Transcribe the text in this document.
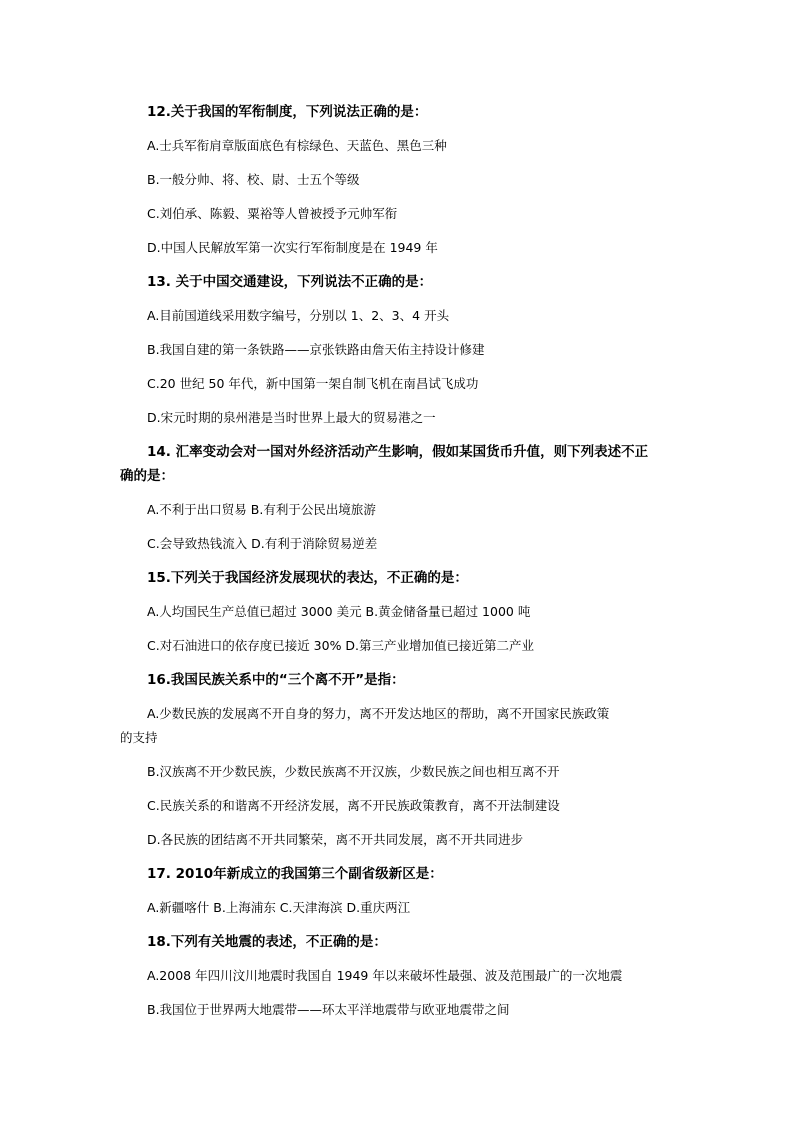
12.关于我国的军衔制度，下列说法正确的是：
A.士兵军衔肩章版面底色有棕绿色、天蓝色、黑色三种
B.一般分帅、将、校、尉、士五个等级
C.刘伯承、陈毅、粟裕等人曾被授予元帅军衔
D.中国人民解放军第一次实行军衔制度是在 1949 年
13. 关于中国交通建设，下列说法不正确的是：
A.目前国道线采用数字编号，分别以 1、2、3、4 开头
B.我国自建的第一条铁路——京张铁路由詹天佑主持设计修建
C.20 世纪 50 年代，新中国第一架自制飞机在南昌试飞成功
D.宋元时期的泉州港是当时世界上最大的贸易港之一
14. 汇率变动会对一国对外经济活动产生影响，假如某国货币升值，则下列表述不正
确的是：
A.不利于出口贸易 B.有利于公民出境旅游
C.会导致热钱流入 D.有利于消除贸易逆差
15.下列关于我国经济发展现状的表达，不正确的是：
A.人均国民生产总值已超过 3000 美元 B.黄金储备量已超过 1000 吨
C.对石油进口的依存度已接近 30% D.第三产业增加值已接近第二产业
16.我国民族关系中的“三个离不开”是指：
A.少数民族的发展离不开自身的努力，离不开发达地区的帮助，离不开国家民族政策
的支持
B.汉族离不开少数民族，少数民族离不开汉族，少数民族之间也相互离不开
C.民族关系的和谐离不开经济发展，离不开民族政策教育，离不开法制建设
D.各民族的团结离不开共同繁荣，离不开共同发展，离不开共同进步
17. 2010年新成立的我国第三个副省级新区是：
A.新疆喀什 B.上海浦东 C.天津海滨 D.重庆两江
18.下列有关地震的表述，不正确的是：
A.2008 年四川汶川地震时我国自 1949 年以来破坏性最强、波及范围最广的一次地震
B.我国位于世界两大地震带——环太平洋地震带与欧亚地震带之间
